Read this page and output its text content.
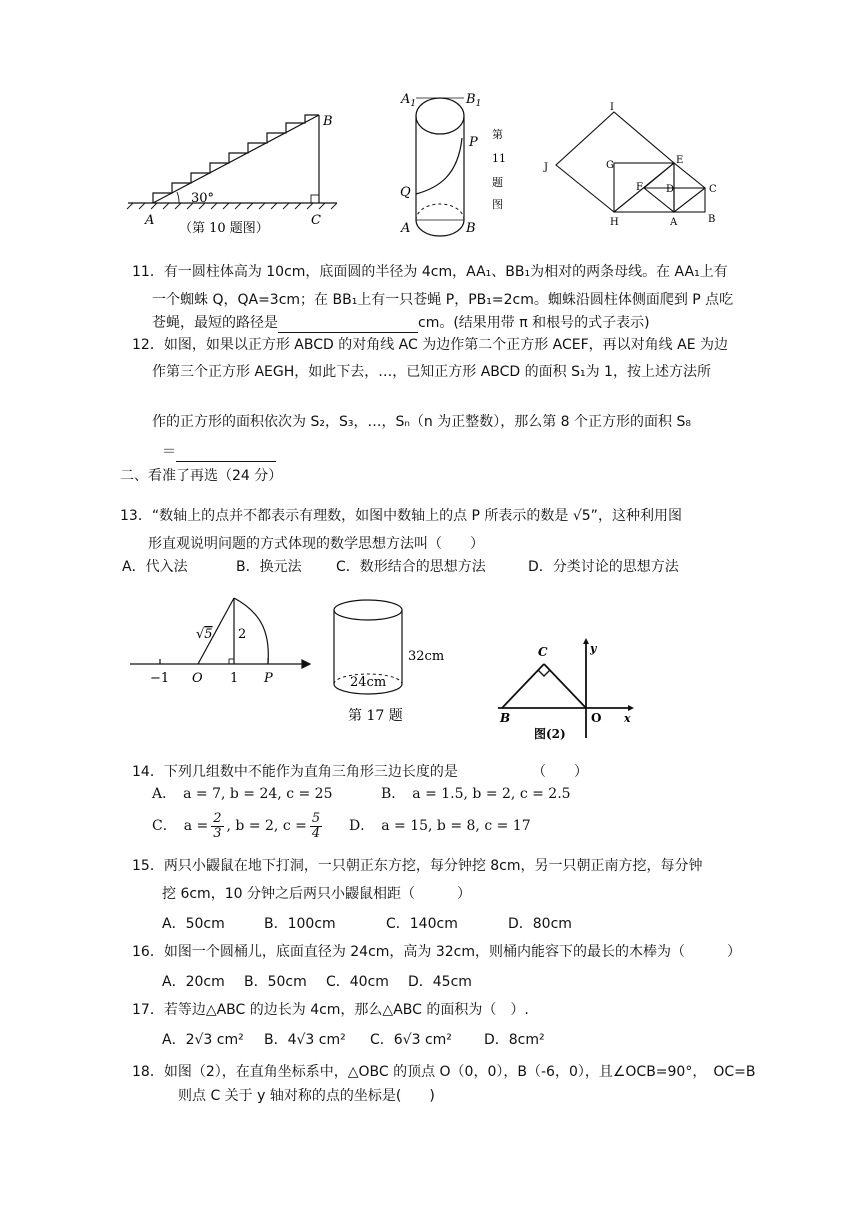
30°
A
B
C
（第 10 题图）
$A_1$	$B_1$
P
Q
A	B
第
11
题
图
I
J	G	E
F D	C
H	A	B
11．有一圆柱体高为 10cm，底面圆的半径为 4cm，AA₁、BB₁为相对的两条母线。在 AA₁上有
一个蜘蛛 Q，QA=3cm；在 BB₁上有一只苍蝇 P，PB₁=2cm。蜘蛛沿圆柱体侧面爬到 P 点吃
苍蝇，最短的路径是	cm。(结果用带 π 和根号的式子表示)
12．如图，如果以正方形 ABCD 的对角线 AC 为边作第二个正方形 ACEF，再以对角线 AE 为边
作第三个正方形 AEGH，如此下去，…，已知正方形 ABCD 的面积 S₁为 1，按上述方法所
作的正方形的面积依次为 S₂，S₃，…，Sₙ（n 为正整数），那么第 8 个正方形的面积 S₈
＝
二、看准了再选（24 分）
13．“数轴上的点并不都表示有理数，如图中数轴上的点 P 所表示的数是 √5”，这种利用图
形直观说明问题的方式体现的数学思想方法叫（　　）
A．代入法	B．换元法 C．数形结合的思想方法	D．分类讨论的思想方法
√5 2
−1 O 1 P
32cm
24cm
第 17 题
C	y
B	O x
图(2)
14．下列几组数中不能作为直角三角形三边长度的是	（　　）
A．　a = 7, b = 24, c = 25	B．　a = 1.5, b = 2, c = 2.5
C．　$a = \frac{2}{3}$ , b = 2, $c = \frac{5}{4}$ D．　a = 15, b = 8, c = 17
15．两只小鼹鼠在地下打洞，一只朝正东方挖，每分钟挖 8cm，另一只朝正南方挖，每分钟
挖 6cm，10 分钟之后两只小鼹鼠相距（　　　）
A．50cm	B．100cm	C．140cm	D．80cm
16．如图一个圆桶儿，底面直径为 24cm，高为 32cm，则桶内能容下的最长的木棒为（　　　）
A．20cm B．50cm C．40cm D．45cm
17．若等边△ABC 的边长为 4cm，那么△ABC 的面积为（　）.
A．2√3 cm² B．4√3 cm² C．6√3 cm² D．8cm²
18．如图（2），在直角坐标系中，△OBC 的顶点 O（0，0），B（-6，0），且∠OCB=90°，　OC=B
则点 C 关于 y 轴对称的点的坐标是(　　)
